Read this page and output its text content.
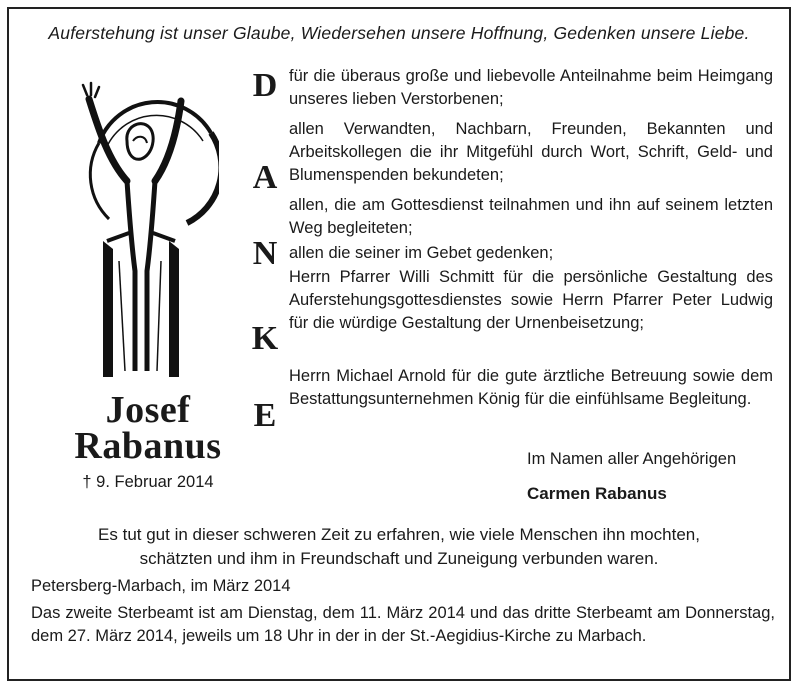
Auferstehung ist unser Glaube, Wiedersehen unsere Hoffnung, Gedenken unsere Liebe.
Josef
Rabanus
† 9. Februar 2014
D
A
N
K
E
für die überaus große und liebevolle Anteilnahme beim Heimgang unseres lieben Verstorbenen;
allen Verwandten, Nachbarn, Freunden, Bekannten und Arbeitskollegen die ihr Mitgefühl durch Wort, Schrift, Geld- und Blumenspenden bekundeten;
allen, die am Gottesdienst teilnahmen und ihn auf seinem letzten Weg begleiteten;
allen die seiner im Gebet gedenken;
Herrn Pfarrer Willi Schmitt für die persönliche Gestaltung des Auferstehungsgottesdienstes sowie Herrn Pfarrer Peter Ludwig für die würdige Gestaltung der Urnenbeisetzung;
Herrn Michael Arnold für die gute ärztliche Betreuung sowie dem Bestattungsunternehmen König für die einfühlsame Begleitung.
Im Namen aller Angehörigen
Carmen Rabanus
Es tut gut in dieser schweren Zeit zu erfahren, wie viele Menschen ihn mochten,
schätzten und ihm in Freundschaft und Zuneigung verbunden waren.
Petersberg-Marbach, im März 2014
Das zweite Sterbeamt ist am Dienstag, dem 11. März 2014 und das dritte Sterbeamt am Donnerstag, dem 27. März 2014, jeweils um 18 Uhr in der in der St.-Aegidius-Kirche zu Marbach.
